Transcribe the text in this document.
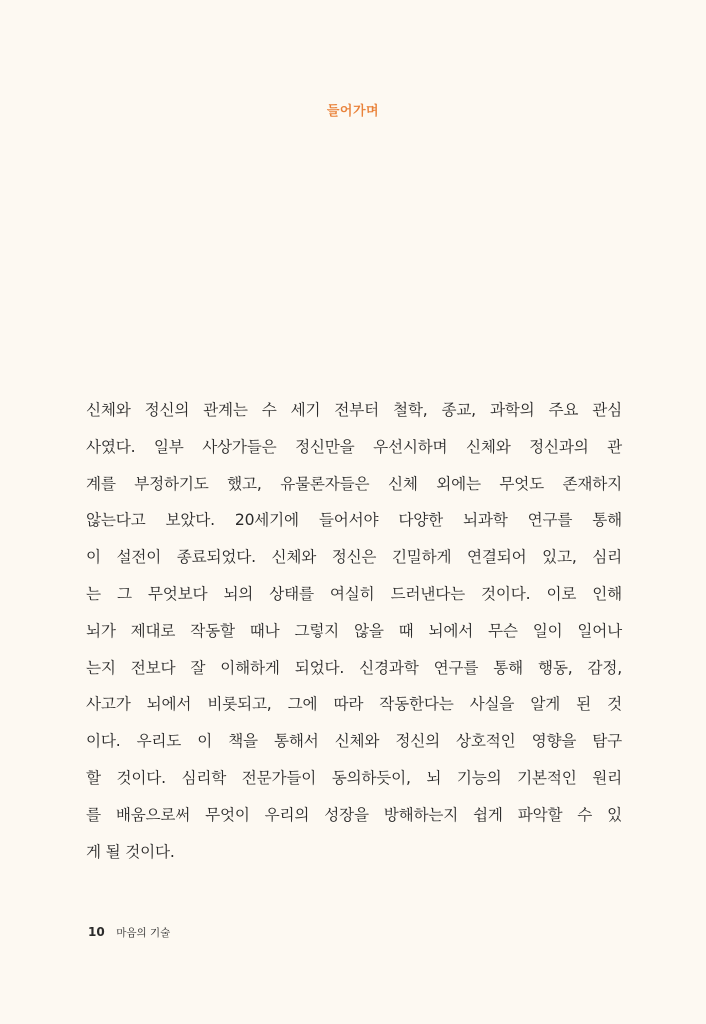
들어가며
신체와 정신의 관계는 수 세기 전부터 철학, 종교, 과학의 주요 관심
사였다. 일부 사상가들은 정신만을 우선시하며 신체와 정신과의 관
계를 부정하기도 했고, 유물론자들은 신체 외에는 무엇도 존재하지
않는다고 보았다. 20세기에 들어서야 다양한 뇌과학 연구를 통해
이 설전이 종료되었다. 신체와 정신은 긴밀하게 연결되어 있고, 심리
는 그 무엇보다 뇌의 상태를 여실히 드러낸다는 것이다. 이로 인해
뇌가 제대로 작동할 때나 그렇지 않을 때 뇌에서 무슨 일이 일어나
는지 전보다 잘 이해하게 되었다. 신경과학 연구를 통해 행동, 감정,
사고가 뇌에서 비롯되고, 그에 따라 작동한다는 사실을 알게 된 것
이다. 우리도 이 책을 통해서 신체와 정신의 상호적인 영향을 탐구
할 것이다. 심리학 전문가들이 동의하듯이, 뇌 기능의 기본적인 원리
를 배움으로써 무엇이 우리의 성장을 방해하는지 쉽게 파악할 수 있
게 될 것이다.
10 마음의 기술
